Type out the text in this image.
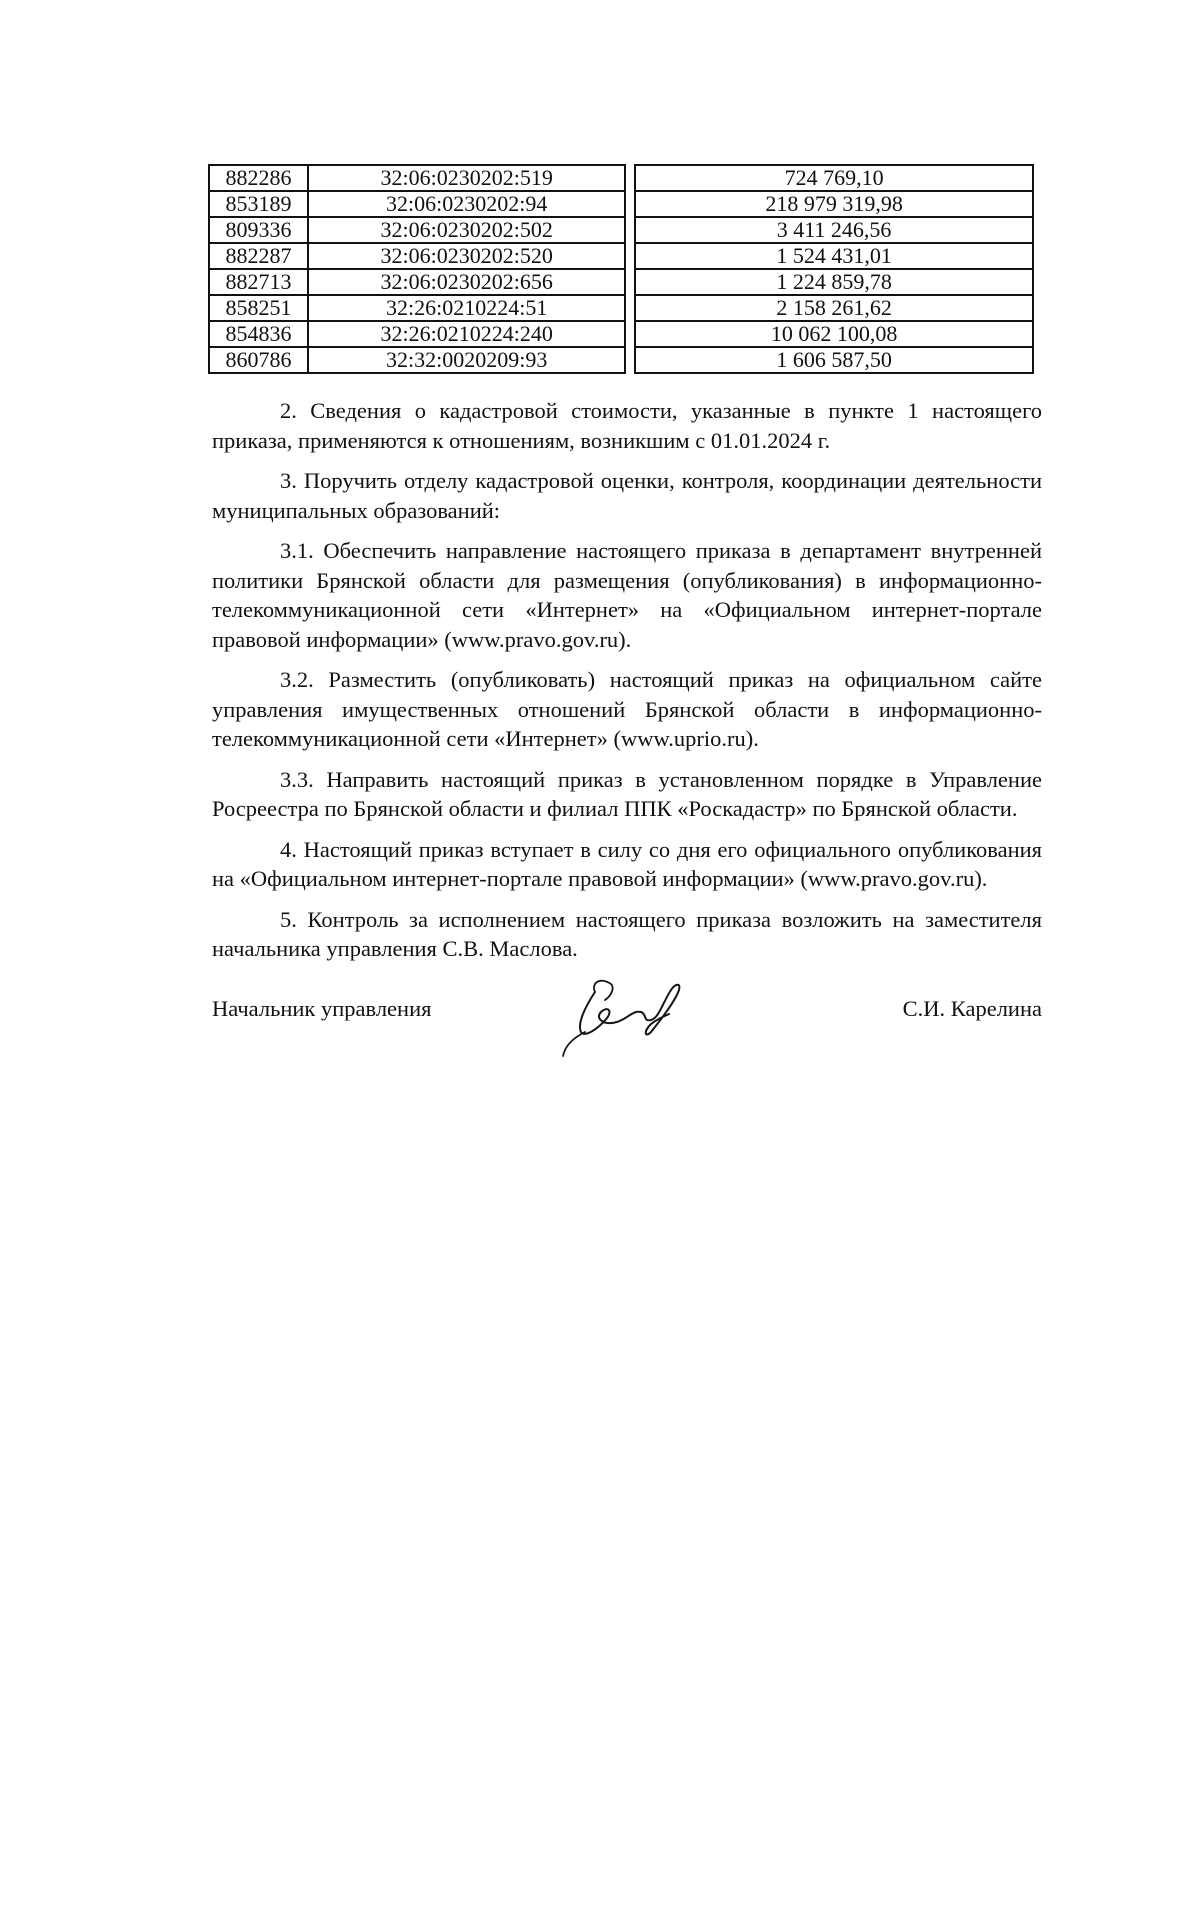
882286	32:06:0230202:519		724 769,10
853189	32:06:0230202:94		218 979 319,98
809336	32:06:0230202:502		3 411 246,56
882287	32:06:0230202:520		1 524 431,01
882713	32:06:0230202:656		1 224 859,78
858251	32:26:0210224:51		2 158 261,62
854836	32:26:0210224:240		10 062 100,08
860786	32:32:0020209:93		1 606 587,50

2. Сведения о кадастровой стоимости, указанные в пункте 1 настоящего приказа, применяются к отношениям, возникшим с 01.01.2024 г.

3. Поручить отделу кадастровой оценки, контроля, координации деятельности муниципальных образований:

3.1. Обеспечить направление настоящего приказа в департамент внутренней политики Брянской области для размещения (опубликования) в информационно-телекоммуникационной сети «Интернет» на «Официальном интернет-портале правовой информации» (www.pravo.gov.ru).

3.2. Разместить (опубликовать) настоящий приказ на официальном сайте управления имущественных отношений Брянской области в информационно-телекоммуникационной сети «Интернет» (www.uprio.ru).

3.3. Направить настоящий приказ в установленном порядке в Управление Росреестра по Брянской области и филиал ППК «Роскадастр» по Брянской области.

4. Настоящий приказ вступает в силу со дня его официального опубликования на «Официальном интернет-портале правовой информации» (www.pravo.gov.ru).

5. Контроль за исполнением настоящего приказа возложить на заместителя начальника управления С.В. Маслова.

Начальник управления	С.И. Карелина
